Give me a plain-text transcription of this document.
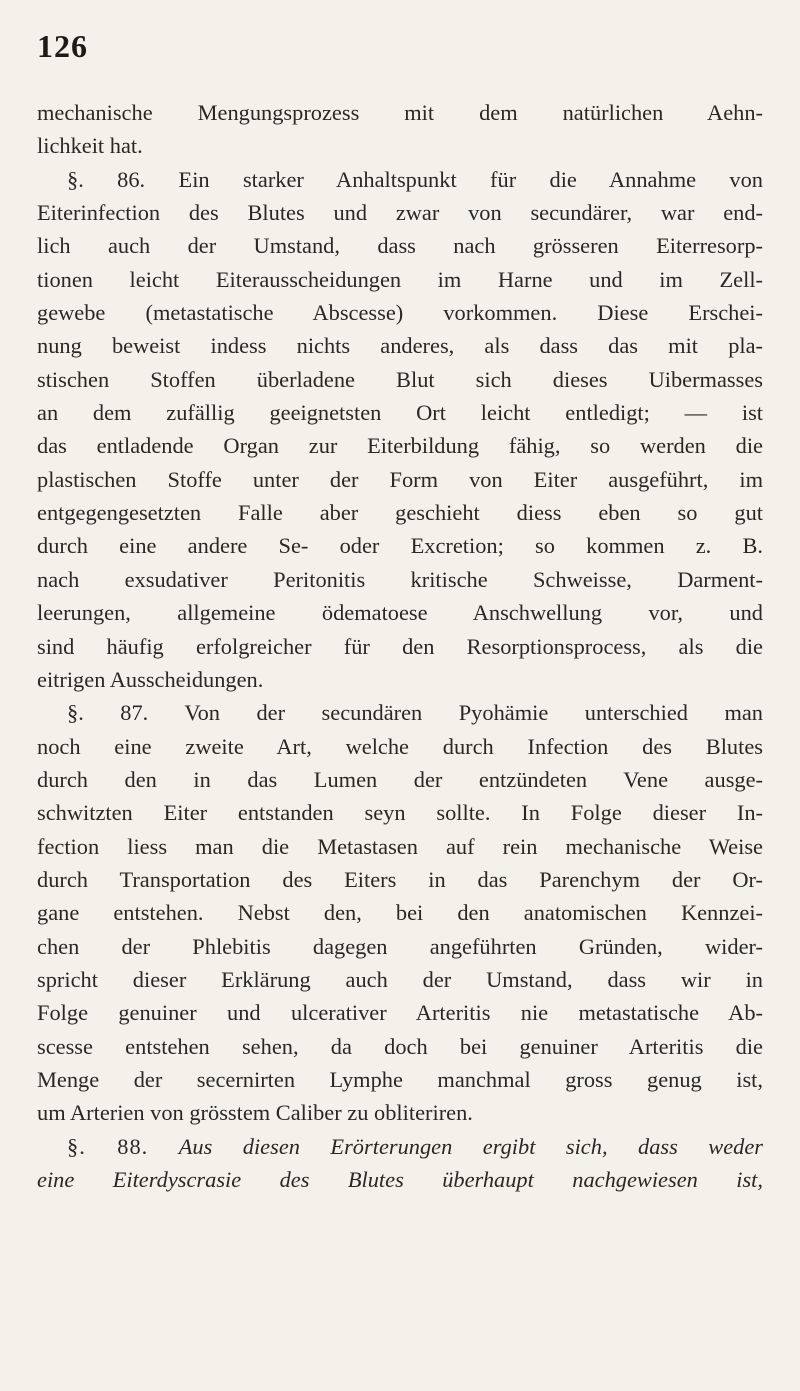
126
mechanische Mengungsprozess mit dem natürlichen Aehn-
lichkeit hat.
§. 86. Ein starker Anhaltspunkt für die Annahme von
Eiterinfection des Blutes und zwar von secundärer, war end-
lich auch der Umstand, dass nach grösseren Eiterresorp-
tionen leicht Eiterausscheidungen im Harne und im Zell-
gewebe (metastatische Abscesse) vorkommen. Diese Erschei-
nung beweist indess nichts anderes, als dass das mit pla-
stischen Stoffen überladene Blut sich dieses Uibermasses
an dem zufällig geeignetsten Ort leicht entledigt; — ist
das entladende Organ zur Eiterbildung fähig, so werden die
plastischen Stoffe unter der Form von Eiter ausgeführt, im
entgegengesetzten Falle aber geschieht diess eben so gut
durch eine andere Se- oder Excretion; so kommen z. B.
nach exsudativer Peritonitis kritische Schweisse, Darment-
leerungen, allgemeine ödematoese Anschwellung vor, und
sind häufig erfolgreicher für den Resorptionsprocess, als die
eitrigen Ausscheidungen.
§. 87. Von der secundären Pyohämie unterschied man
noch eine zweite Art, welche durch Infection des Blutes
durch den in das Lumen der entzündeten Vene ausge-
schwitzten Eiter entstanden seyn sollte. In Folge dieser In-
fection liess man die Metastasen auf rein mechanische Weise
durch Transportation des Eiters in das Parenchym der Or-
gane entstehen. Nebst den, bei den anatomischen Kennzei-
chen der Phlebitis dagegen angeführten Gründen, wider-
spricht dieser Erklärung auch der Umstand, dass wir in
Folge genuiner und ulcerativer Arteritis nie metastatische Ab-
scesse entstehen sehen, da doch bei genuiner Arteritis die
Menge der secernirten Lymphe manchmal gross genug ist,
um Arterien von grösstem Caliber zu obliteriren.
§. 88. Aus diesen Erörterungen ergibt sich, dass weder
eine Eiterdyscrasie des Blutes überhaupt nachgewiesen ist,
